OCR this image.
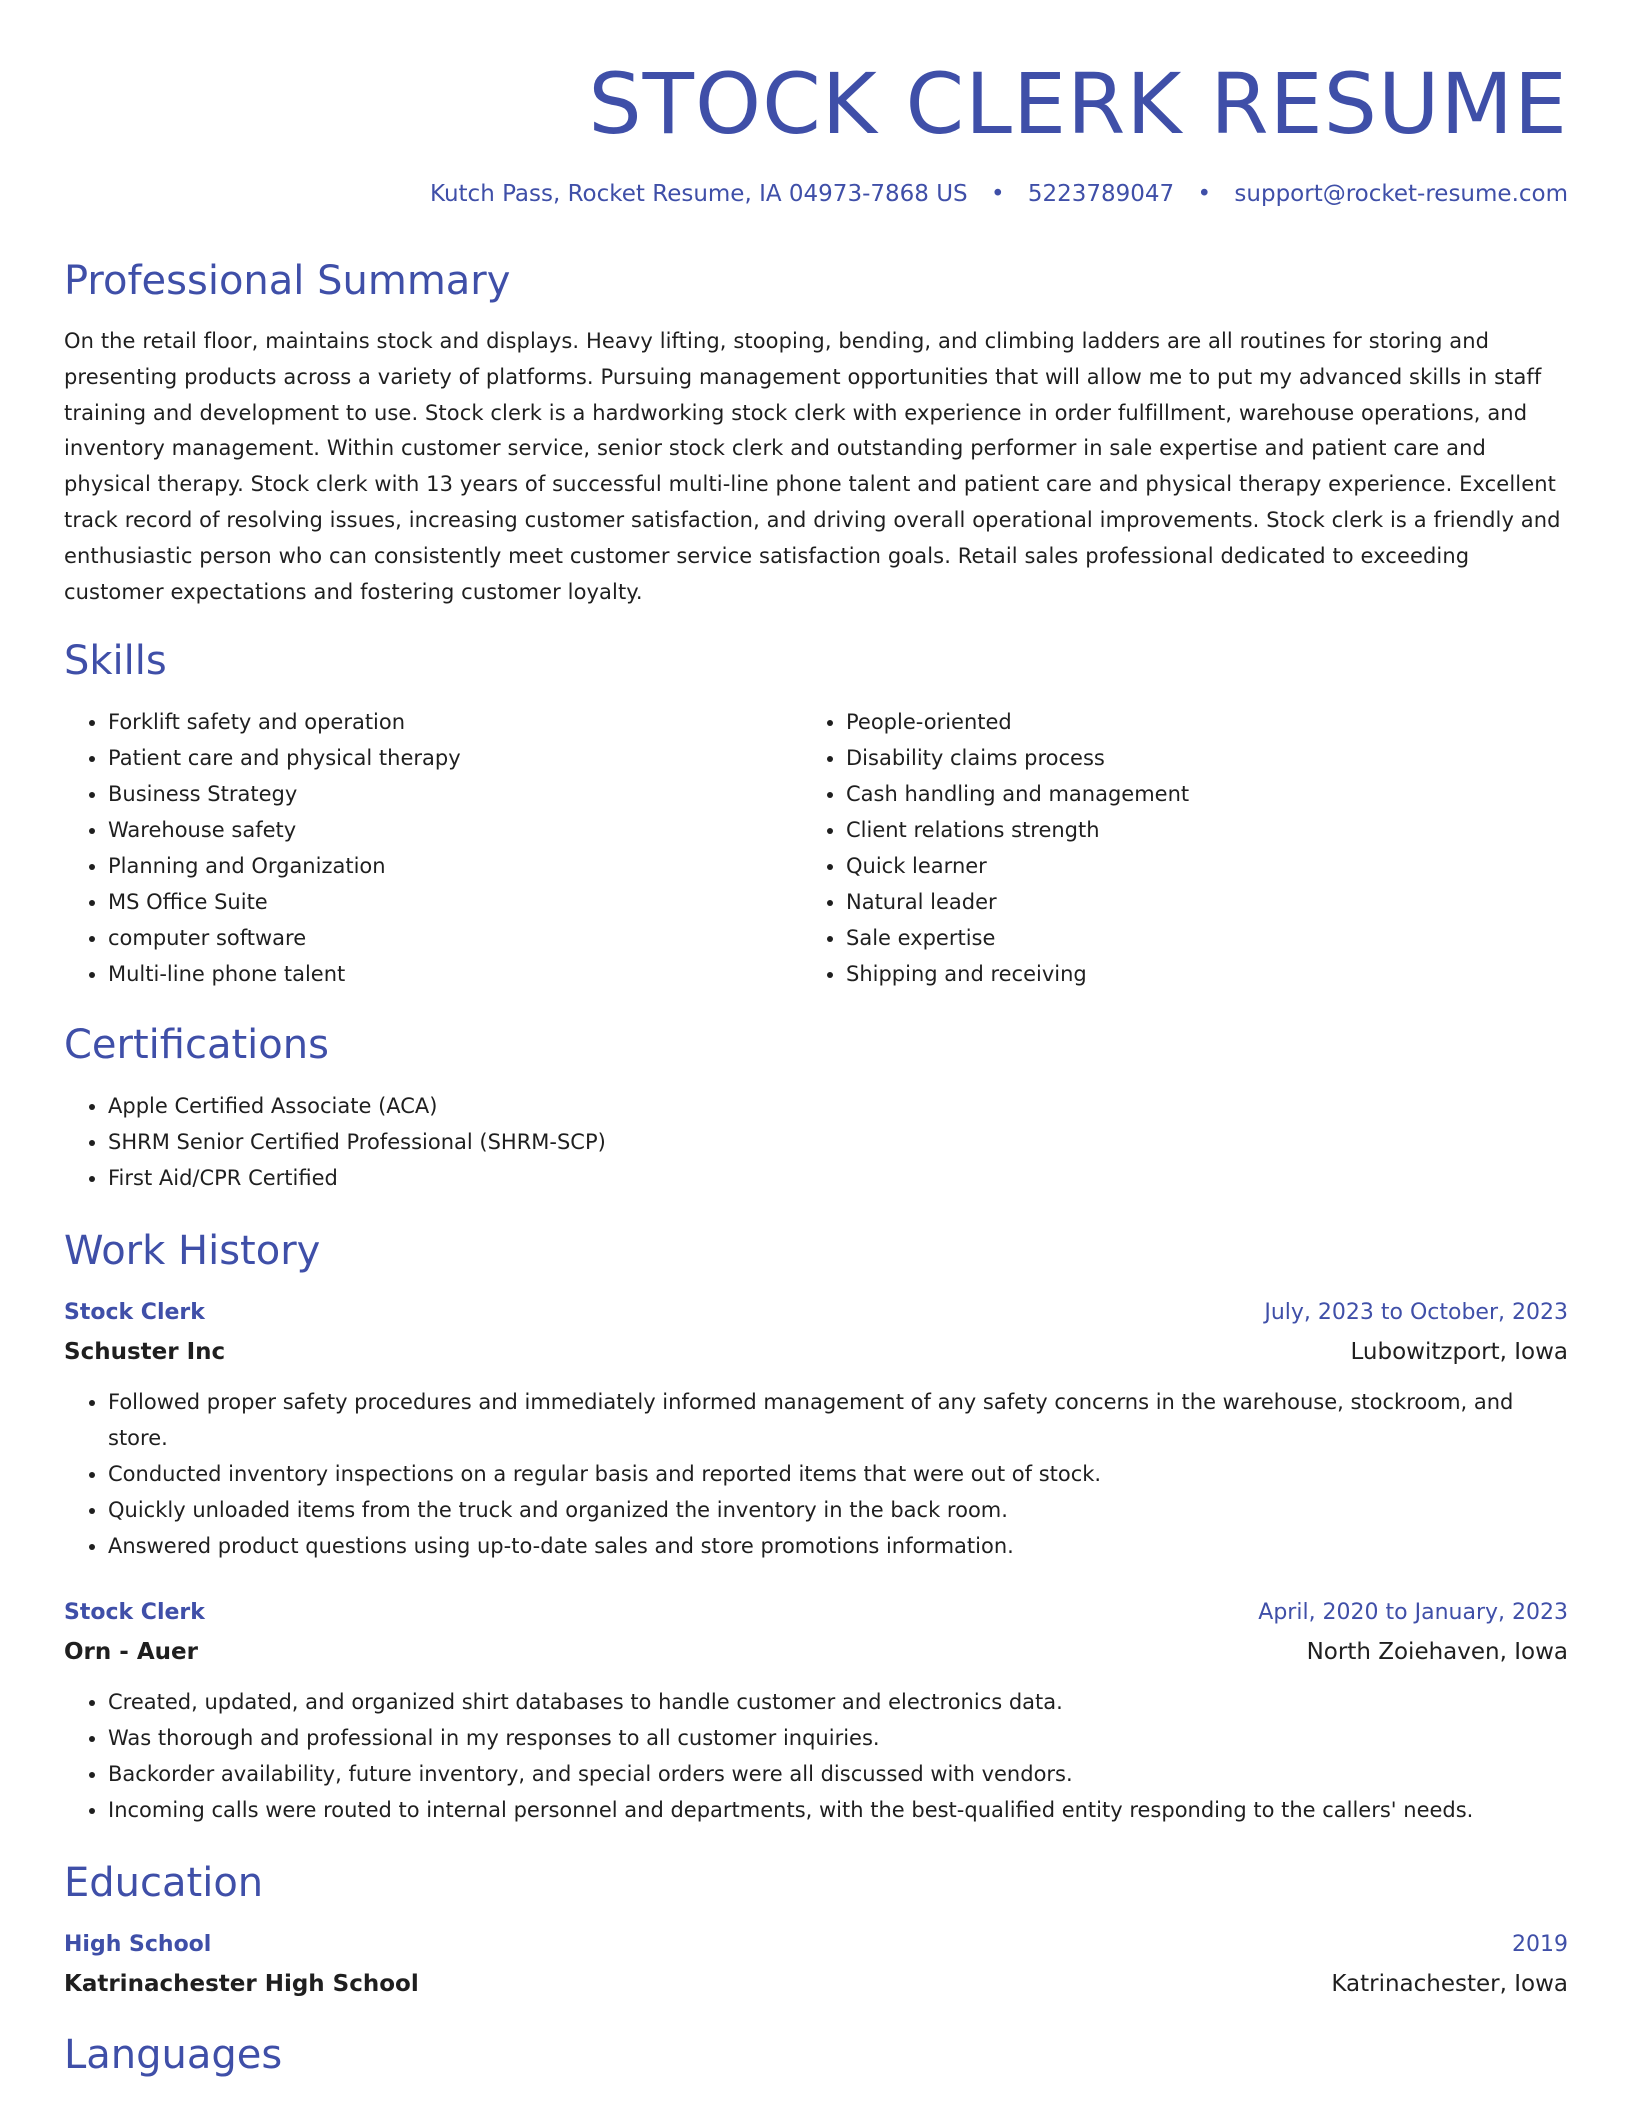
STOCK CLERK RESUME
Kutch Pass, Rocket Resume, IA 04973-7868 US • 5223789047 • support@rocket-resume.com
Professional Summary

On the retail floor, maintains stock and displays. Heavy lifting, stooping, bending, and climbing ladders are all routines for storing and presenting products across a variety of platforms. Pursuing management opportunities that will allow me to put my advanced skills in staff training and development to use. Stock clerk is a hardworking stock clerk with experience in order fulfillment, warehouse operations, and inventory management. Within customer service, senior stock clerk and outstanding performer in sale expertise and patient care and physical therapy. Stock clerk with 13 years of successful multi-line phone talent and patient care and physical therapy experience. Excellent track record of resolving issues, increasing customer satisfaction, and driving overall operational improvements. Stock clerk is a friendly and enthusiastic person who can consistently meet customer service satisfaction goals. Retail sales professional dedicated to exceeding customer expectations and fostering customer loyalty.

Skills
• Forklift safety and operation
• Patient care and physical therapy
• Business Strategy
• Warehouse safety
• Planning and Organization
• MS Office Suite
• computer software
• Multi-line phone talent
• People-oriented
• Disability claims process
• Cash handling and management
• Client relations strength
• Quick learner
• Natural leader
• Sale expertise
• Shipping and receiving
Certifications
• Apple Certified Associate (ACA)
• SHRM Senior Certified Professional (SHRM-SCP)
• First Aid/CPR Certified
Work History
Stock Clerk	July, 2023 to October, 2023
Schuster Inc	Lubowitzport, Iowa
• Followed proper safety procedures and immediately informed management of any safety concerns in the warehouse, stockroom, and store.
• Conducted inventory inspections on a regular basis and reported items that were out of stock.
• Quickly unloaded items from the truck and organized the inventory in the back room.
• Answered product questions using up-to-date sales and store promotions information.
Stock Clerk	April, 2020 to January, 2023
Orn - Auer	North Zoiehaven, Iowa
• Created, updated, and organized shirt databases to handle customer and electronics data.
• Was thorough and professional in my responses to all customer inquiries.
• Backorder availability, future inventory, and special orders were all discussed with vendors.
• Incoming calls were routed to internal personnel and departments, with the best-qualified entity responding to the callers' needs.
Education
High School	2019
Katrinachester High School	Katrinachester, Iowa
Languages
